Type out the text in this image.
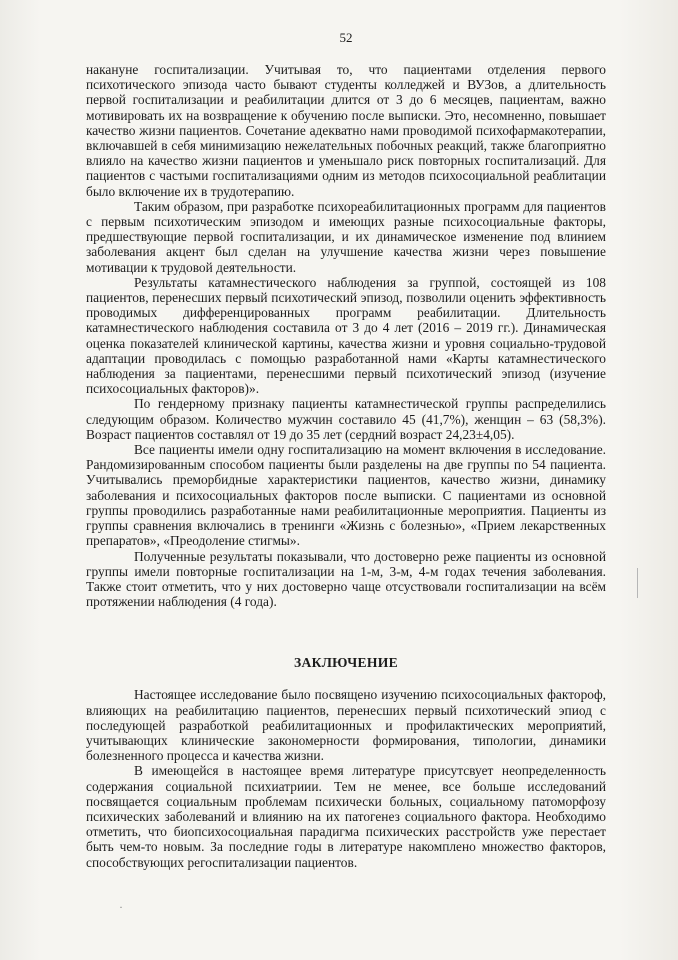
52

накануне госпитализации. Учитывая то, что пациентами отделения первого психотического эпизода часто бывают студенты колледжей и ВУЗов, а длительность первой госпитализации и реабилитации длится от 3 до 6 месяцев, пациентам, важно мотивировать их на возвращение к обучению после выписки. Это, несомненно, повышает качество жизни пациентов. Сочетание адекватно нами проводимой психофармакотерапии, включавшей в себя минимизацию нежелательных побочных реакций, также благоприятно влияло на качество жизни пациентов и уменьшало риск повторных госпитализаций. Для пациентов с частыми госпитализациями одним из методов психосоциальной реаблитации было включение их в трудотерапию.

Таким образом, при разработке психореабилитационных программ для пациентов с первым психотическим эпизодом и имеющих разные психосоциальные факторы, предшествующие первой госпитализации, и их динамическое изменение под влинием заболевания акцент был сделан на улучшение качества жизни через повышение мотивации к трудовой деятельности.

Результаты катамнестического наблюдения за группой, состоящей из 108 пациентов, перенесших первый психотический эпизод, позволили оценить эффективность проводимых дифференцированных программ реабилитации. Длительность катамнестического наблюдения составила от 3 до 4 лет (2016 – 2019 гг.). Динамическая оценка показателей клинической картины, качества жизни и уровня социально-трудовой адаптации проводилась с помощью разработанной нами «Карты катамнестического наблюдения за пациентами, перенесшими первый психотический эпизод (изучение психосоциальных факторов)».

По гендерному признаку пациенты катамнестической группы распределились следующим образом. Количество мужчин составило 45 (41,7%), женщин – 63 (58,3%). Возраст пациентов составлял от 19 до 35 лет (сердний возраст 24,23±4,05).

Все пациенты имели одну госпитализацию на момент включения в исследование. Рандомизированным способом пациенты были разделены на две группы по 54 пациента. Учитывались преморбидные характеристики пациентов, качество жизни, динамику заболевания и психосоциальных факторов после выписки. С пациентами из основной группы проводились разработанные нами реабилитационные мероприятия. Пациенты из группы сравнения включались в тренинги «Жизнь с болезнью», «Прием лекарственных препаратов», «Преодоление стигмы».

Полученные результаты показывали, что достоверно реже пациенты из основной группы имели повторные госпитализации на 1-м, 3-м, 4-м годах течения заболевания. Также стоит отметить, что у них достоверно чаще отсуствовали госпитализации на всём протяжении наблюдения (4 года).

ЗАКЛЮЧЕНИЕ

Настоящее исследование было посвящено изучению психосоциальных фактороф, влияющих на реабилитацию пациентов, перенесших первый психотический эпиод с последующей разработкой реабилитационных и профилактических мероприятий, учитывающих клинические закономерности формирования, типологии, динамики болезненного процесса и качества жизни.

В имеющейся в настоящее время литературе присутсвует неопределенность содержания социальной психиатриии. Тем не менее, все больше исследований посвящается социальным проблемам психически больных, социальному патоморфозу психических заболеваний и влиянию на их патогенез социального фактора. Необходимо отметить, что биопсихосоциальная парадигма психических расстройств уже перестает быть чем-то новым. За последние годы в литературе накомплено множество факторов, способствующих регоспитализации пациентов.

·
